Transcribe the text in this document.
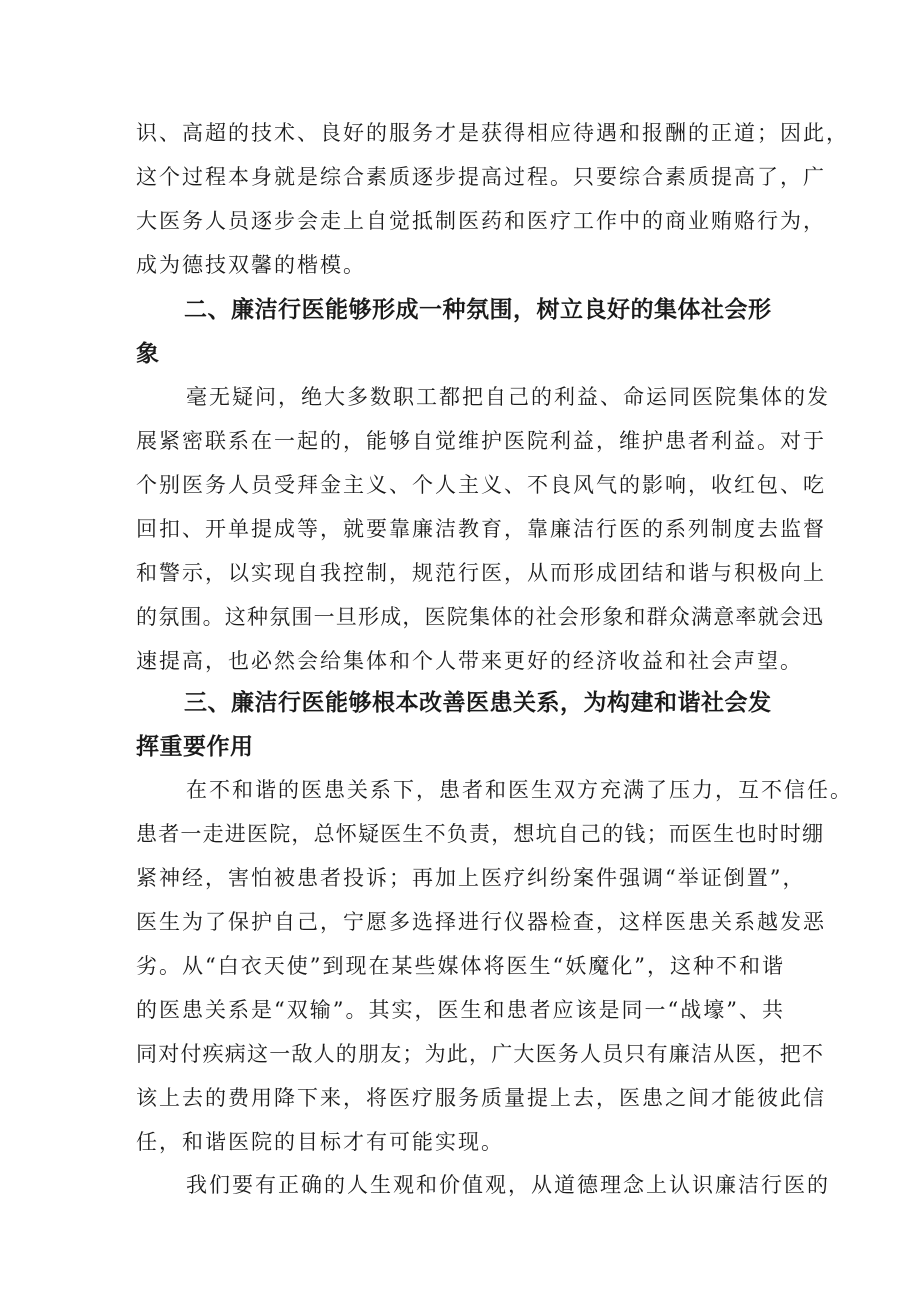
识、高超的技术、良好的服务才是获得相应待遇和报酬的正道；因此，
这个过程本身就是综合素质逐步提高过程。只要综合素质提高了，广
大医务人员逐步会走上自觉抵制医药和医疗工作中的商业贿赂行为，
成为德技双馨的楷模。
二、廉洁行医能够形成一种氛围，树立良好的集体社会形
象
毫无疑问，绝大多数职工都把自己的利益、命运同医院集体的发
展紧密联系在一起的，能够自觉维护医院利益，维护患者利益。对于
个别医务人员受拜金主义、个人主义、不良风气的影响，收红包、吃
回扣、开单提成等，就要靠廉洁教育，靠廉洁行医的系列制度去监督
和警示，以实现自我控制，规范行医，从而形成团结和谐与积极向上
的氛围。这种氛围一旦形成，医院集体的社会形象和群众满意率就会迅
速提高，也必然会给集体和个人带来更好的经济收益和社会声望。
三、廉洁行医能够根本改善医患关系，为构建和谐社会发
挥重要作用
在不和谐的医患关系下，患者和医生双方充满了压力，互不信任。
患者一走进医院，总怀疑医生不负责，想坑自己的钱；而医生也时时绷
紧神经，害怕被患者投诉；再加上医疗纠纷案件强调“举证倒置”，
医生为了保护自己，宁愿多选择进行仪器检查，这样医患关系越发恶
劣。从“白衣天使”到现在某些媒体将医生“妖魔化”，这种不和谐
的医患关系是“双输”。其实，医生和患者应该是同一“战壕”、共
同对付疾病这一敌人的朋友；为此，广大医务人员只有廉洁从医，把不
该上去的费用降下来，将医疗服务质量提上去，医患之间才能彼此信
任，和谐医院的目标才有可能实现。
我们要有正确的人生观和价值观，从道德理念上认识廉洁行医的
